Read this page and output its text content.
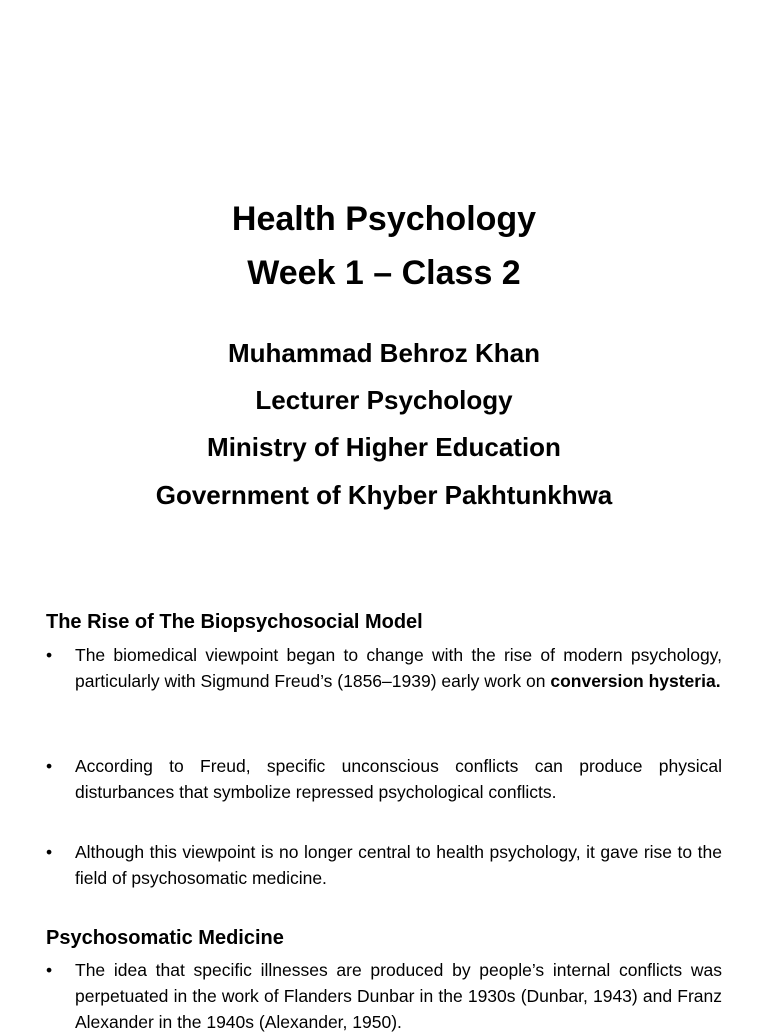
Health Psychology
Week 1 – Class 2

Muhammad Behroz Khan

Lecturer Psychology

Ministry of Higher Education

Government of Khyber Pakhtunkhwa

The Rise of The Biopsychosocial Model
•	The biomedical viewpoint began to change with the rise of modern psychology, particularly with Sigmund Freud’s (1856–1939) early work on conversion hysteria.
•	According to Freud, specific unconscious conflicts can produce physical disturbances that symbolize repressed psychological conflicts.
•	Although this viewpoint is no longer central to health psychology, it gave rise to the field of psychosomatic medicine.
Psychosomatic Medicine
•	The idea that specific illnesses are produced by people’s internal conflicts was perpetuated in the work of Flanders Dunbar in the 1930s (Dunbar, 1943) and Franz Alexander in the 1940s (Alexander, 1950).
